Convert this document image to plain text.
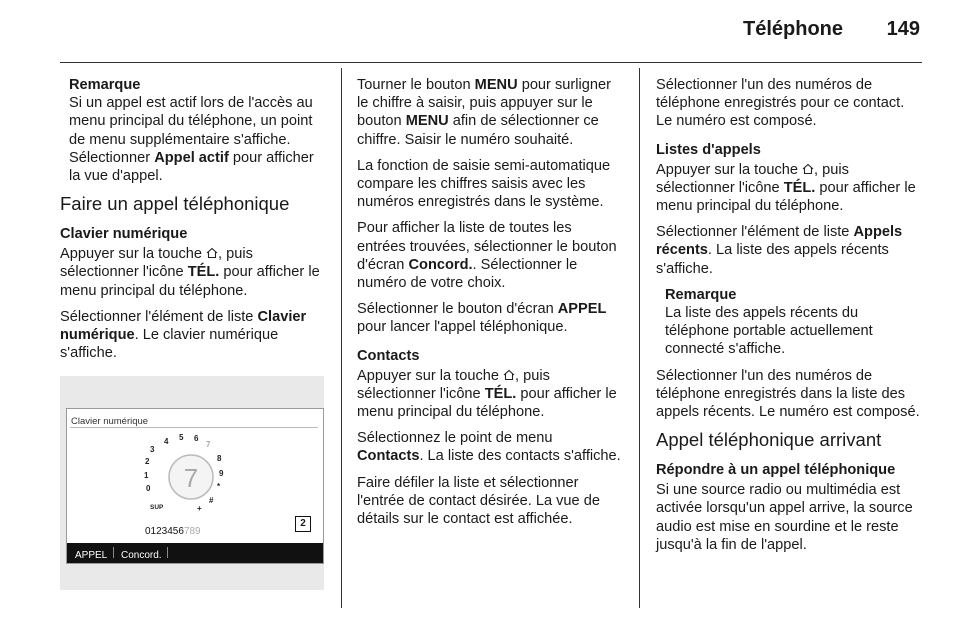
Téléphone 149
Remarque
Si un appel est actif lors de l'accès au menu principal du téléphone, un point de menu supplémentaire s'affiche. Sélectionner Appel actif pour afficher la vue d'appel.
Faire un appel téléphonique
Clavier numérique

Appuyer sur la touche , puis sélectionner l'icône TÉL. pour afficher le menu principal du téléphone.

Sélectionner l'élément de liste Clavier numérique. Le clavier numérique s'affiche.

Clavier numérique
7
0
1
2
3
4 5 6
7
8
9
*
#
+
SUP
0123456789
2
APPEL Concord.

Tourner le bouton MENU pour surligner le chiffre à saisir, puis appuyer sur le bouton MENU afin de sélectionner ce chiffre. Saisir le numéro souhaité.

La fonction de saisie semi-automatique compare les chiffres saisis avec les numéros enregistrés dans le système.

Pour afficher la liste de toutes les entrées trouvées, sélectionner le bouton d'écran Concord.. Sélectionner le numéro de votre choix.

Sélectionner le bouton d'écran APPEL pour lancer l'appel téléphonique.

Contacts

Appuyer sur la touche , puis sélectionner l'icône TÉL. pour afficher le menu principal du téléphone.

Sélectionnez le point de menu Contacts. La liste des contacts s'affiche.

Faire défiler la liste et sélectionner l'entrée de contact désirée. La vue de détails sur le contact est affichée.

Sélectionner l'un des numéros de téléphone enregistrés pour ce contact. Le numéro est composé.

Listes d'appels

Appuyer sur la touche , puis sélectionner l'icône TÉL. pour afficher le menu principal du téléphone.

Sélectionner l'élément de liste Appels récents. La liste des appels récents s'affiche.

Remarque
La liste des appels récents du téléphone portable actuellement connecté s'affiche.

Sélectionner l'un des numéros de téléphone enregistrés dans la liste des appels récents. Le numéro est composé.

Appel téléphonique arrivant
Répondre à un appel téléphonique

Si une source radio ou multimédia est activée lorsqu'un appel arrive, la source audio est mise en sourdine et le reste jusqu'à la fin de l'appel.
